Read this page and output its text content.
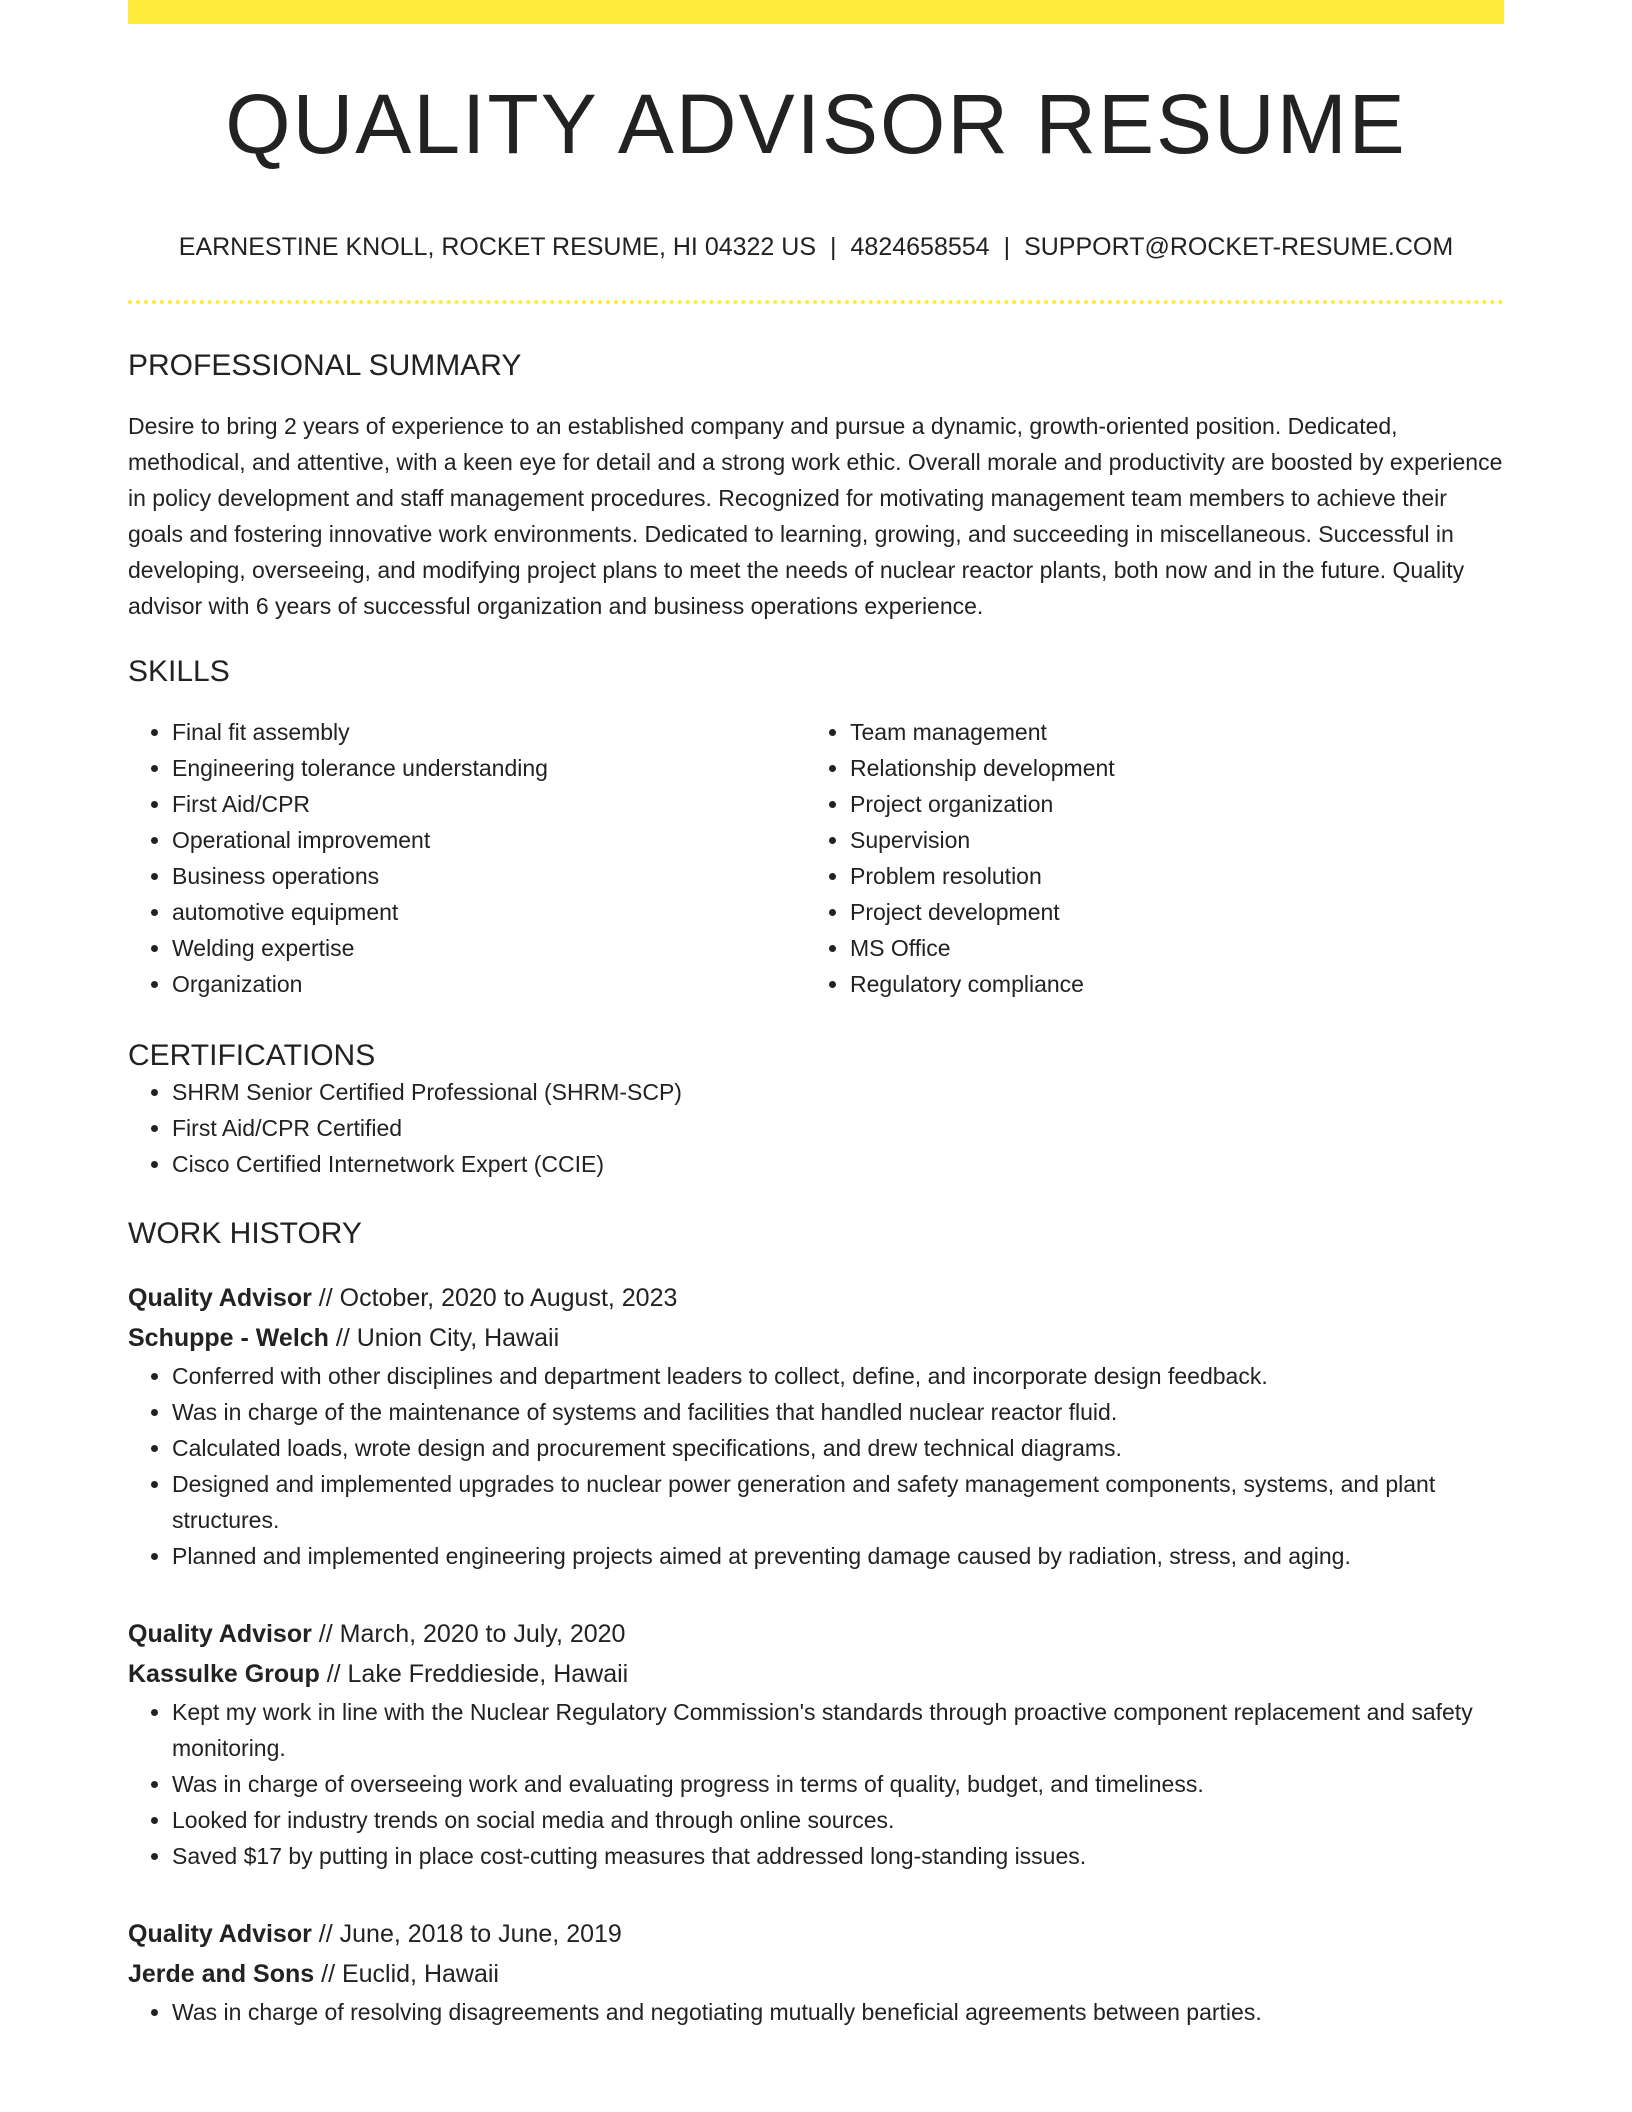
QUALITY ADVISOR RESUME
EARNESTINE KNOLL, ROCKET RESUME, HI 04322 US | 4824658554 | SUPPORT@ROCKET-RESUME.COM
PROFESSIONAL SUMMARY

Desire to bring 2 years of experience to an established company and pursue a dynamic, growth-oriented position. Dedicated, methodical, and attentive, with a keen eye for detail and a strong work ethic. Overall morale and productivity are boosted by experience in policy development and staff management procedures. Recognized for motivating management team members to achieve their goals and fostering innovative work environments. Dedicated to learning, growing, and succeeding in miscellaneous. Successful in developing, overseeing, and modifying project plans to meet the needs of nuclear reactor plants, both now and in the future. Quality advisor with 6 years of successful organization and business operations experience.

SKILLS
• Final fit assembly
• Engineering tolerance understanding
• First Aid/CPR
• Operational improvement
• Business operations
• automotive equipment
• Welding expertise
• Organization
• Team management
• Relationship development
• Project organization
• Supervision
• Problem resolution
• Project development
• MS Office
• Regulatory compliance
CERTIFICATIONS
• SHRM Senior Certified Professional (SHRM-SCP)
• First Aid/CPR Certified
• Cisco Certified Internetwork Expert (CCIE)
WORK HISTORY
Quality Advisor // October, 2020 to August, 2023
Schuppe - Welch // Union City, Hawaii
• Conferred with other disciplines and department leaders to collect, define, and incorporate design feedback.
• Was in charge of the maintenance of systems and facilities that handled nuclear reactor fluid.
• Calculated loads, wrote design and procurement specifications, and drew technical diagrams.
• Designed and implemented upgrades to nuclear power generation and safety management components, systems, and plant structures.
• Planned and implemented engineering projects aimed at preventing damage caused by radiation, stress, and aging.
Quality Advisor // March, 2020 to July, 2020
Kassulke Group // Lake Freddieside, Hawaii
• Kept my work in line with the Nuclear Regulatory Commission's standards through proactive component replacement and safety monitoring.
• Was in charge of overseeing work and evaluating progress in terms of quality, budget, and timeliness.
• Looked for industry trends on social media and through online sources.
• Saved $17 by putting in place cost-cutting measures that addressed long-standing issues.
Quality Advisor // June, 2018 to June, 2019
Jerde and Sons // Euclid, Hawaii
• Was in charge of resolving disagreements and negotiating mutually beneficial agreements between parties.
